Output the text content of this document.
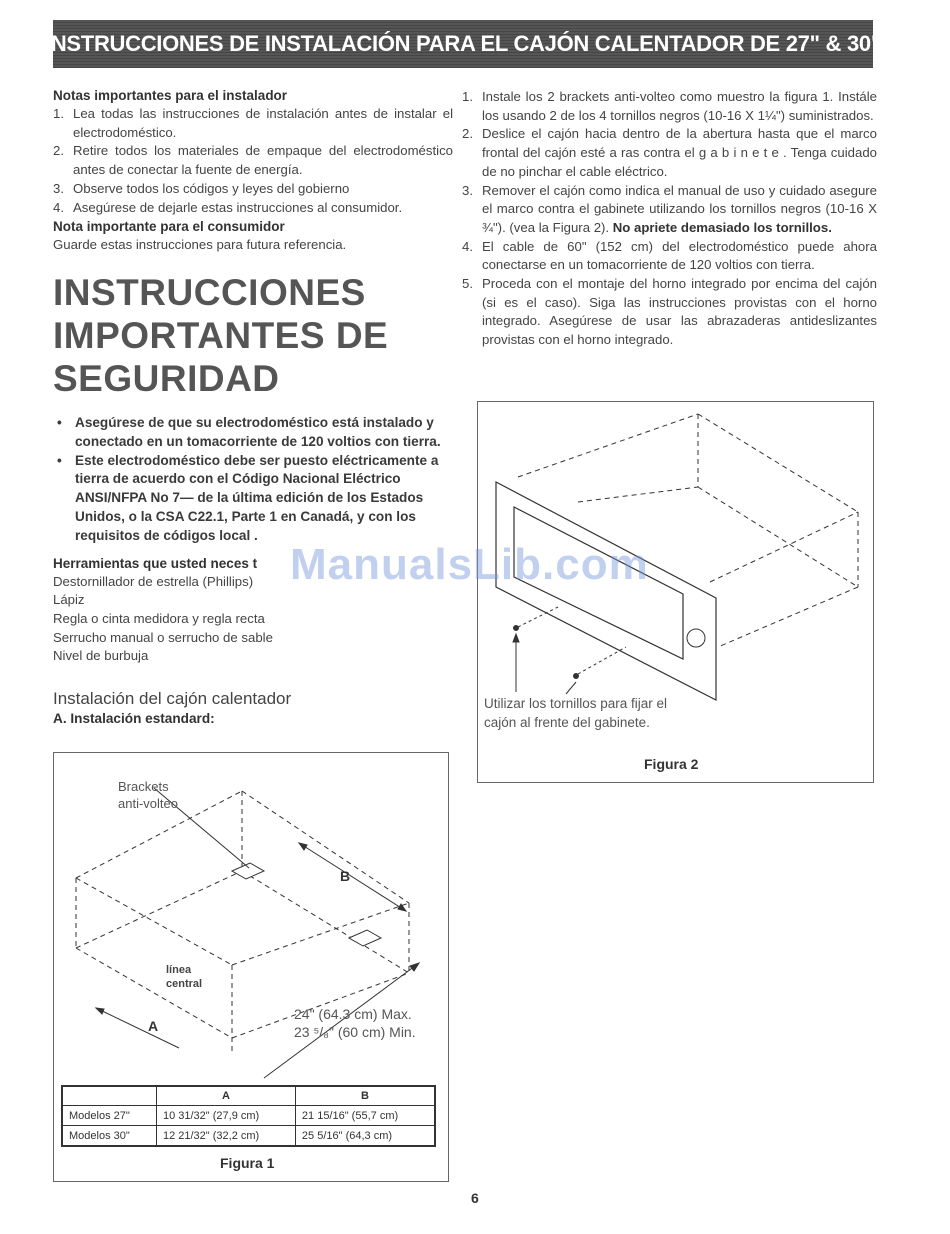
INSTRUCCIONES DE INSTALACIÓN PARA EL CAJÓN CALENTADOR DE 27" & 30"

Notas importantes para el instalador

1. Lea todas las instrucciones de instalación antes de instalar el electrodoméstico.
2. Retire todos los materiales de empaque del electrodoméstico antes de conectar la fuente de energía.
3. Observe todos los códigos y leyes del gobierno
4. Asegúrese de dejarle estas instrucciones al consumidor.

Nota importante para el consumidor

Guarde estas instrucciones para futura referencia.

INSTRUCCIONES
IMPORTANTES DE
SEGURIDAD
• Asegúrese de que su electrodoméstico está instalado y conectado en un tomacorriente de 120 voltios con tierra.
• Este electrodoméstico debe ser puesto eléctricamente a tierra de acuerdo con el Código Nacional Eléctrico ANSI/NFPA No 7— de la última edición de los Estados Unidos, o la CSA C22.1, Parte 1 en Canadá, y con los requisitos de códigos local .

Herramientas que usted neces t

Destornillador de estrella (Phillips)

Lápiz

Regla o cinta medidora y regla recta

Serrucho manual o serrucho de sable

Nivel de burbuja

Instalación del cajón calentador

A. Instalación estandard:

1. Instale los 2 brackets anti-volteo como muestro la figura 1. Instále los usando 2 de los 4 tornillos negros (10-16 X 1¼") suministrados.
2. Deslice el cajón hacia dentro de la abertura hasta que el marco frontal del cajón esté a ras contra el g a b i n e t e . Tenga cuidado de no pinchar el cable eléctrico.
3. Remover el cajón como indica el manual de uso y cuidado asegure el marco contra el gabinete utilizando los tornillos negros (10-16 X ¾"). (vea la Figura 2). No apriete demasiado los tornillos.
4. El cable de 60" (152 cm) del electrodoméstico puede ahora conectarse en un tomacorriente de 120 voltios con tierra.
5. Proceda con el montaje del horno integrado por encima del cajón (si es el caso). Siga las instrucciones provistas con el horno integrado. Asegúrese de usar las abrazaderas antideslizantes provistas con el horno integrado.
Brackets
anti-volteo
B
A
línea
central
24" (64.3 cm) Max.
23 ⁵/₈" (60 cm) Min.
	A	B
Modelos 27"	10 31/32" (27,9 cm)	21 15/16" (55,7 cm)
Modelos 30"	12 21/32" (32,2 cm)	25 5/16" (64,3 cm)
Figura 1
Utilizar los tornillos para fijar el
cajón al frente del gabinete.
Figura 2
ManualsLib.com
6
